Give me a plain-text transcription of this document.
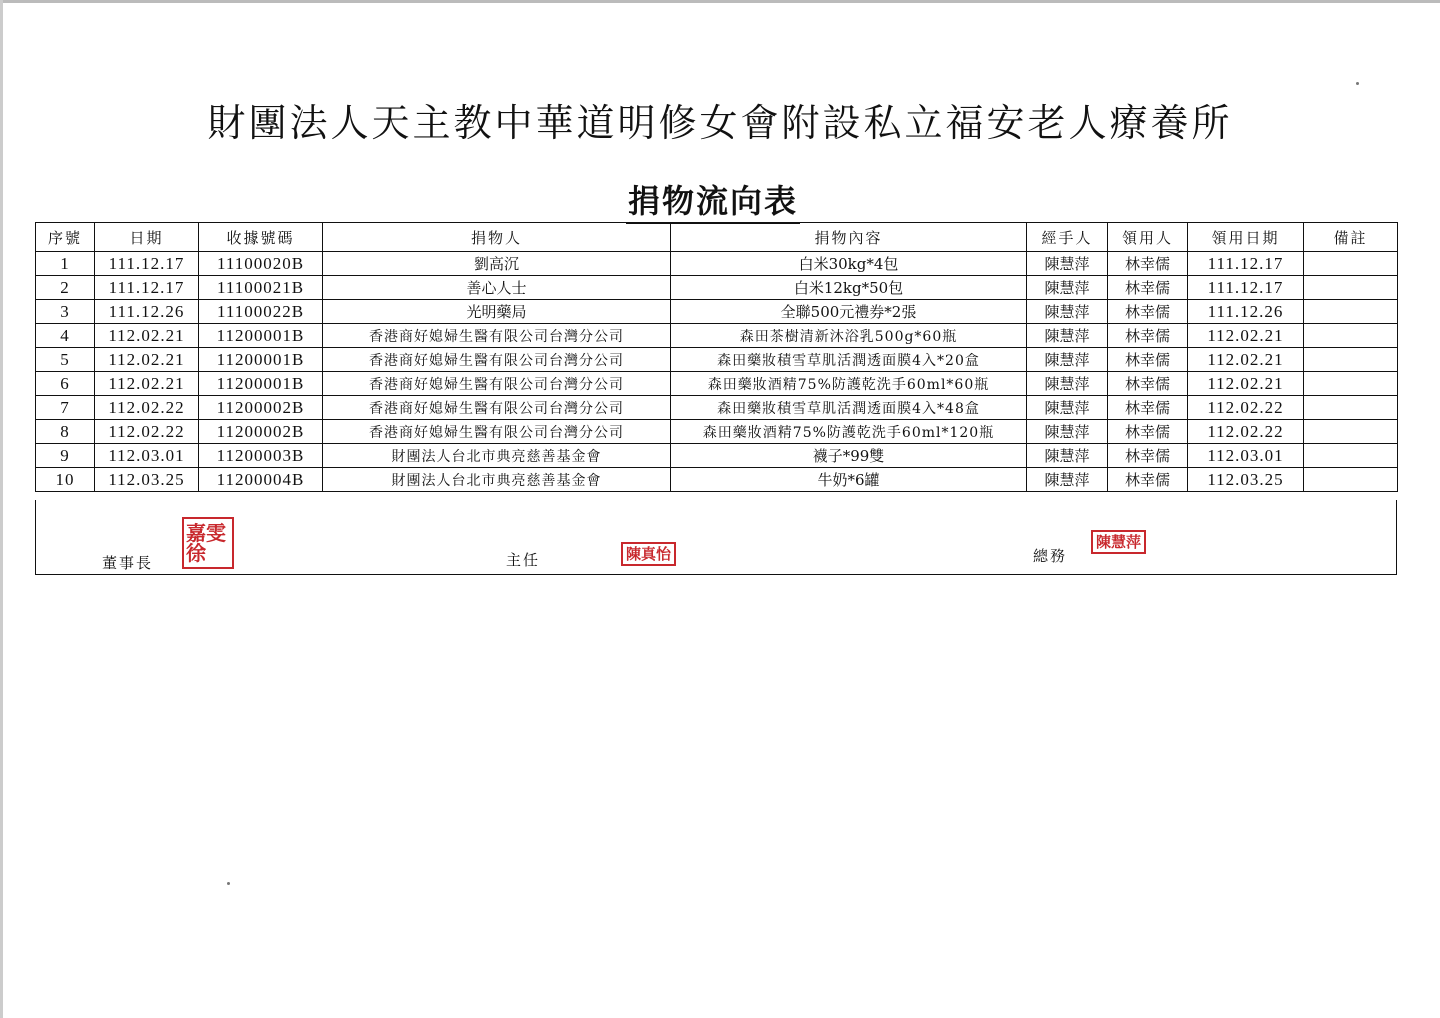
財團法人天主教中華道明修女會附設私立福安老人療養所
捐物流向表
序號	日期	收據號碼	捐物人	捐物內容	經手人	領用人	領用日期	備註
1	111.12.17	11100020B	劉高沉	白米30kg*4包	陳慧萍	林幸儒	111.12.17	
2	111.12.17	11100021B	善心人士	白米12kg*50包	陳慧萍	林幸儒	111.12.17	
3	111.12.26	11100022B	光明藥局	全聯500元禮券*2張	陳慧萍	林幸儒	111.12.26	
4	112.02.21	11200001B	香港商好媳婦生醫有限公司台灣分公司	森田茶樹清新沐浴乳500g*60瓶	陳慧萍	林幸儒	112.02.21	
5	112.02.21	11200001B	香港商好媳婦生醫有限公司台灣分公司	森田藥妝積雪草肌活潤透面膜4入*20盒	陳慧萍	林幸儒	112.02.21	
6	112.02.21	11200001B	香港商好媳婦生醫有限公司台灣分公司	森田藥妝酒精75%防護乾洗手60ml*60瓶	陳慧萍	林幸儒	112.02.21	
7	112.02.22	11200002B	香港商好媳婦生醫有限公司台灣分公司	森田藥妝積雪草肌活潤透面膜4入*48盒	陳慧萍	林幸儒	112.02.22	
8	112.02.22	11200002B	香港商好媳婦生醫有限公司台灣分公司	森田藥妝酒精75%防護乾洗手60ml*120瓶	陳慧萍	林幸儒	112.02.22	
9	112.03.01	11200003B	財團法人台北市典亮慈善基金會	襪子*99雙	陳慧萍	林幸儒	112.03.01	
10	112.03.25	11200004B	財團法人台北市典亮慈善基金會	牛奶*6罐	陳慧萍	林幸儒	112.03.25	
董事長
嘉雯徐	主任	陳真怡	總務
陳慧萍
